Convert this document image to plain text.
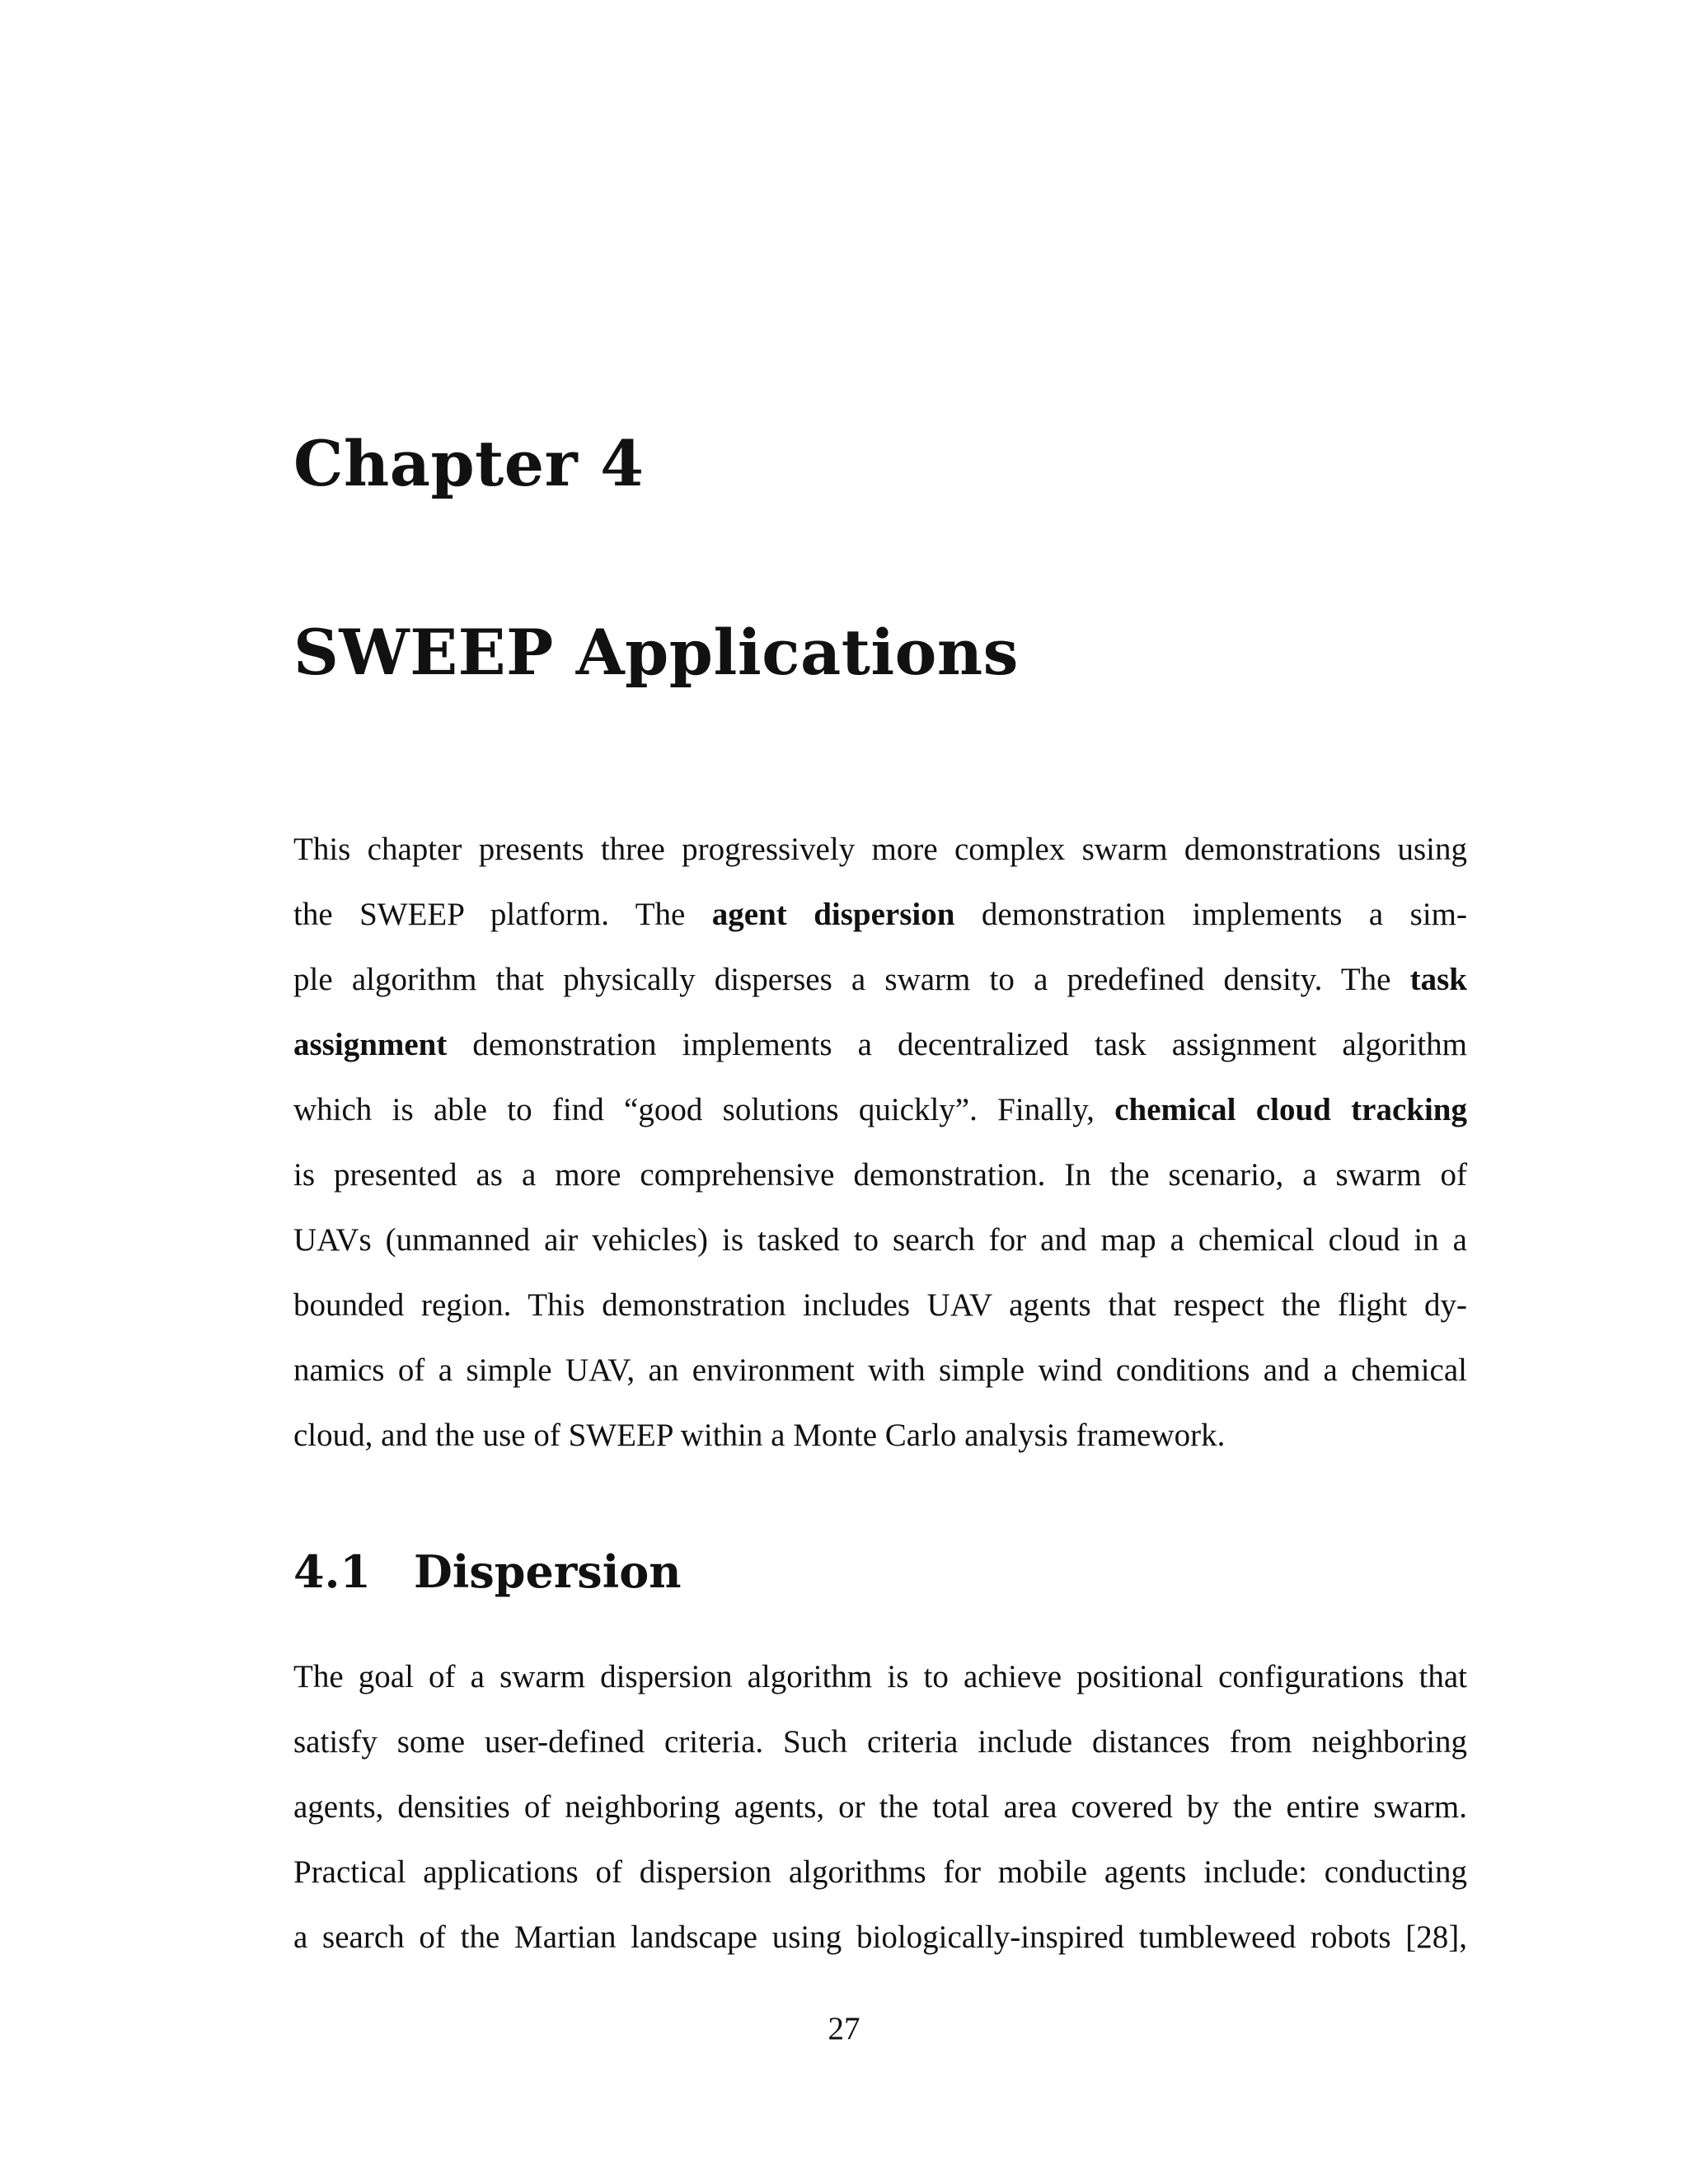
Chapter 4
SWEEP Applications
This chapter presents three progressively more complex swarm demonstrations using
the SWEEP platform. The agent dispersion demonstration implements a sim-
ple algorithm that physically disperses a swarm to a predefined density. The task
assignment demonstration implements a decentralized task assignment algorithm
which is able to find “good solutions quickly”. Finally, chemical cloud tracking
is presented as a more comprehensive demonstration. In the scenario, a swarm of
UAVs (unmanned air vehicles) is tasked to search for and map a chemical cloud in a
bounded region. This demonstration includes UAV agents that respect the flight dy-
namics of a simple UAV, an environment with simple wind conditions and a chemical
cloud, and the use of SWEEP within a Monte Carlo analysis framework.
4.1 Dispersion
The goal of a swarm dispersion algorithm is to achieve positional configurations that
satisfy some user-defined criteria. Such criteria include distances from neighboring
agents, densities of neighboring agents, or the total area covered by the entire swarm.
Practical applications of dispersion algorithms for mobile agents include: conducting
a search of the Martian landscape using biologically-inspired tumbleweed robots [28],
27
